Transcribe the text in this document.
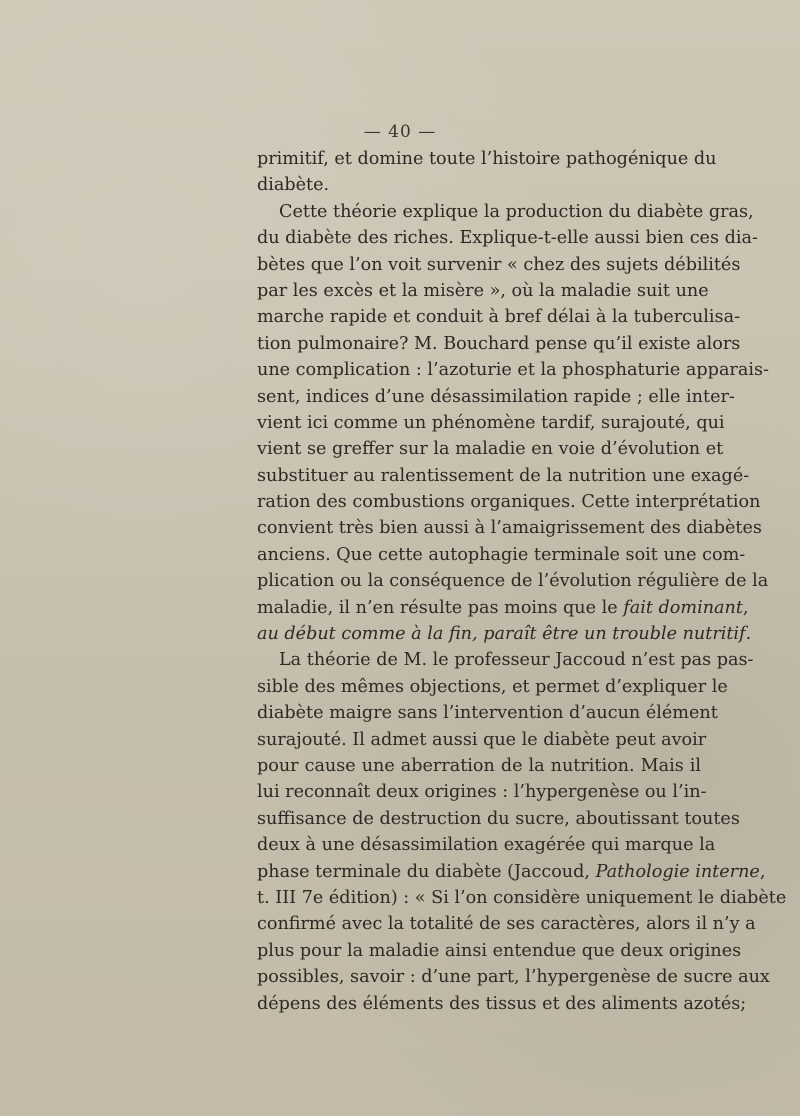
— 40 —
primitif, et domine toute l’histoire pathogénique du
diabète.
Cette théorie explique la production du diabète gras,
du diabète des riches. Explique-t-elle aussi bien ces dia-
bètes que l’on voit survenir « chez des sujets débilités
par les excès et la misère », où la maladie suit une
marche rapide et conduit à bref délai à la tuberculisa-
tion pulmonaire? M. Bouchard pense qu’il existe alors
une complication : l’azoturie et la phosphaturie apparais-
sent, indices d’une désassimilation rapide ; elle inter-
vient ici comme un phénomène tardif, surajouté, qui
vient se greffer sur la maladie en voie d’évolution et
substituer au ralentissement de la nutrition une exagé-
ration des combustions organiques. Cette interprétation
convient très bien aussi à l’amaigrissement des diabètes
anciens. Que cette autophagie terminale soit une com-
plication ou la conséquence de l’évolution régulière de la
maladie, il n’en résulte pas moins que le fait dominant,
au début comme à la fin, paraît être un trouble nutritif.
La théorie de M. le professeur Jaccoud n’est pas pas-
sible des mêmes objections, et permet d’expliquer le
diabète maigre sans l’intervention d’aucun élément
surajouté. Il admet aussi que le diabète peut avoir
pour cause une aberration de la nutrition. Mais il
lui reconnaît deux origines : l’hypergenèse ou l’in-
suffisance de destruction du sucre, aboutissant toutes
deux à une désassimilation exagérée qui marque la
phase terminale du diabète (Jaccoud, Pathologie interne,
t. III 7e édition) : « Si l’on considère uniquement le diabète
confirmé avec la totalité de ses caractères, alors il n’y a
plus pour la maladie ainsi entendue que deux origines
possibles, savoir : d’une part, l’hypergenèse de sucre aux
dépens des éléments des tissus et des aliments azotés;
